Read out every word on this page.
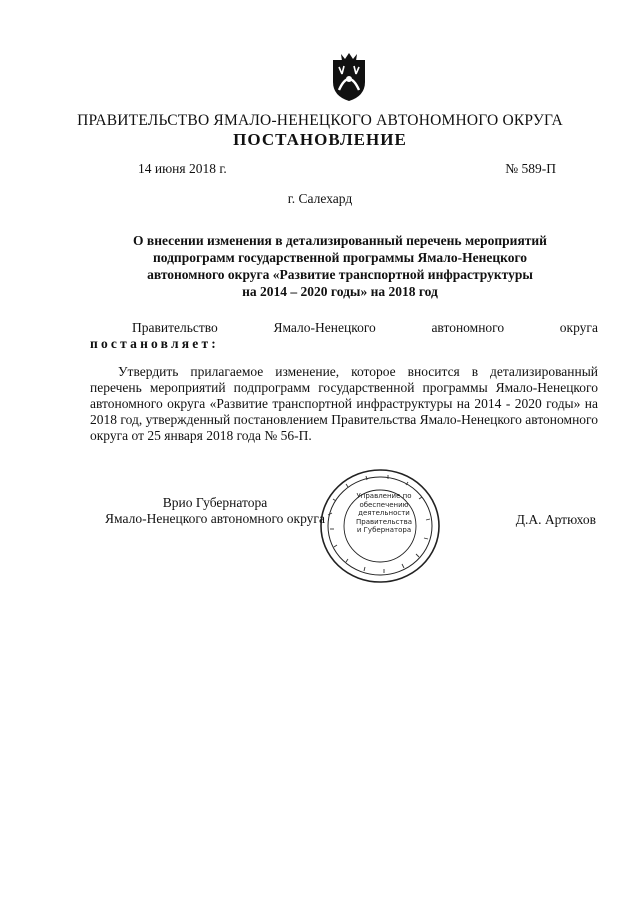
ПРАВИТЕЛЬСТВО ЯМАЛО-НЕНЕЦКОГО АВТОНОМНОГО ОКРУГА
ПОСТАНОВЛЕНИЕ
14 июня 2018 г.	№ 589-П
г. Салехард
О внесении изменения в детализированный перечень мероприятий
подпрограмм государственной программы Ямало-Ненецкого
автономного округа «Развитие транспортной инфраструктуры
на 2014 – 2020 годы» на 2018 год
Правительство	Ямало-Ненецкого	автономного	округа
постановляет:
Утвердить прилагаемое изменение, которое вносится в детализированный перечень мероприятий подпрограмм государственной программы Ямало-Ненецкого автономного округа «Развитие транспортной инфраструктуры на 2014 - 2020 годы» на 2018 год, утвержденный постановлением Правительства Ямало-Ненецкого автономного округа от 25 января 2018 года № 56-П.
Врио Губернатора
Ямало-Ненецкого автономного округа
Управление по
обеспечению
деятельности
Правительства
и Губернатора
Д.А. Артюхов
